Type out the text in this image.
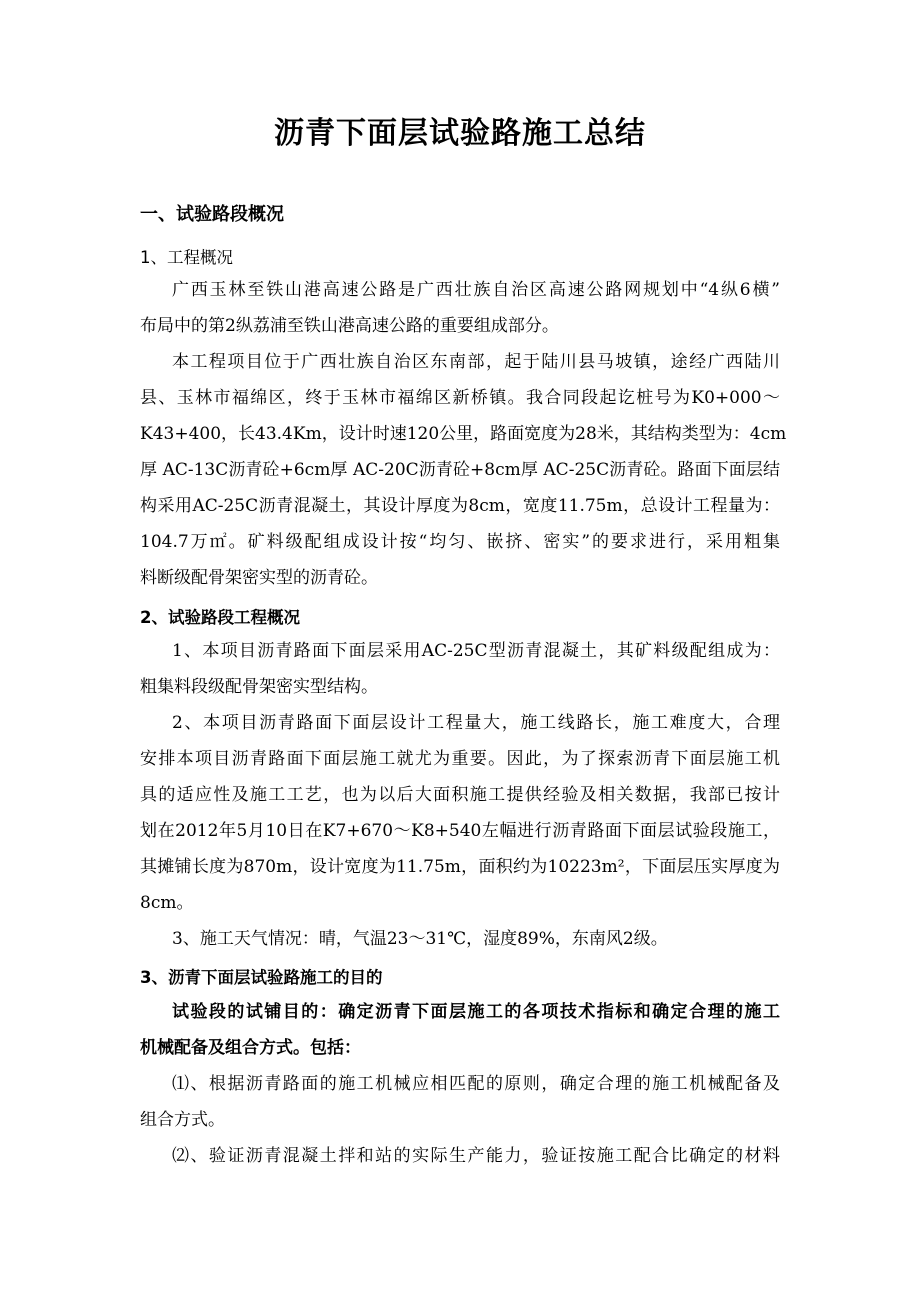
沥青下面层试验路施工总结
一、试验路段概况
1、工程概况
广西玉林至铁山港高速公路是广西壮族自治区高速公路网规划中“4纵6横”
布局中的第2纵荔浦至铁山港高速公路的重要组成部分。
本工程项目位于广西壮族自治区东南部，起于陆川县马坡镇，途经广西陆川
县、玉林市福绵区，终于玉林市福绵区新桥镇。我合同段起讫桩号为K0+000～
K43+400，长43.4Km，设计时速120公里，路面宽度为28米，其结构类型为：4cm
厚 AC-13C沥青砼+6cm厚 AC-20C沥青砼+8cm厚 AC-25C沥青砼。路面下面层结
构采用AC-25C沥青混凝土，其设计厚度为8cm，宽度11.75m，总设计工程量为：
104.7万㎡。矿料级配组成设计按“均匀、嵌挤、密实”的要求进行，采用粗集
料断级配骨架密实型的沥青砼。
2、试验路段工程概况
1、本项目沥青路面下面层采用AC-25C型沥青混凝土，其矿料级配组成为：
粗集料段级配骨架密实型结构。
2、本项目沥青路面下面层设计工程量大，施工线路长，施工难度大，合理
安排本项目沥青路面下面层施工就尤为重要。因此，为了探索沥青下面层施工机
具的适应性及施工工艺，也为以后大面积施工提供经验及相关数据，我部已按计
划在2012年5月10日在K7+670～K8+540左幅进行沥青路面下面层试验段施工，
其摊铺长度为870m，设计宽度为11.75m，面积约为10223m²，下面层压实厚度为
8cm。
3、施工天气情况：晴，气温23～31℃，湿度89%，东南风2级。
3、沥青下面层试验路施工的目的
试验段的试铺目的：确定沥青下面层施工的各项技术指标和确定合理的施工
机械配备及组合方式。包括：
⑴、根据沥青路面的施工机械应相匹配的原则，确定合理的施工机械配备及
组合方式。
⑵、验证沥青混凝土拌和站的实际生产能力，验证按施工配合比确定的材料
